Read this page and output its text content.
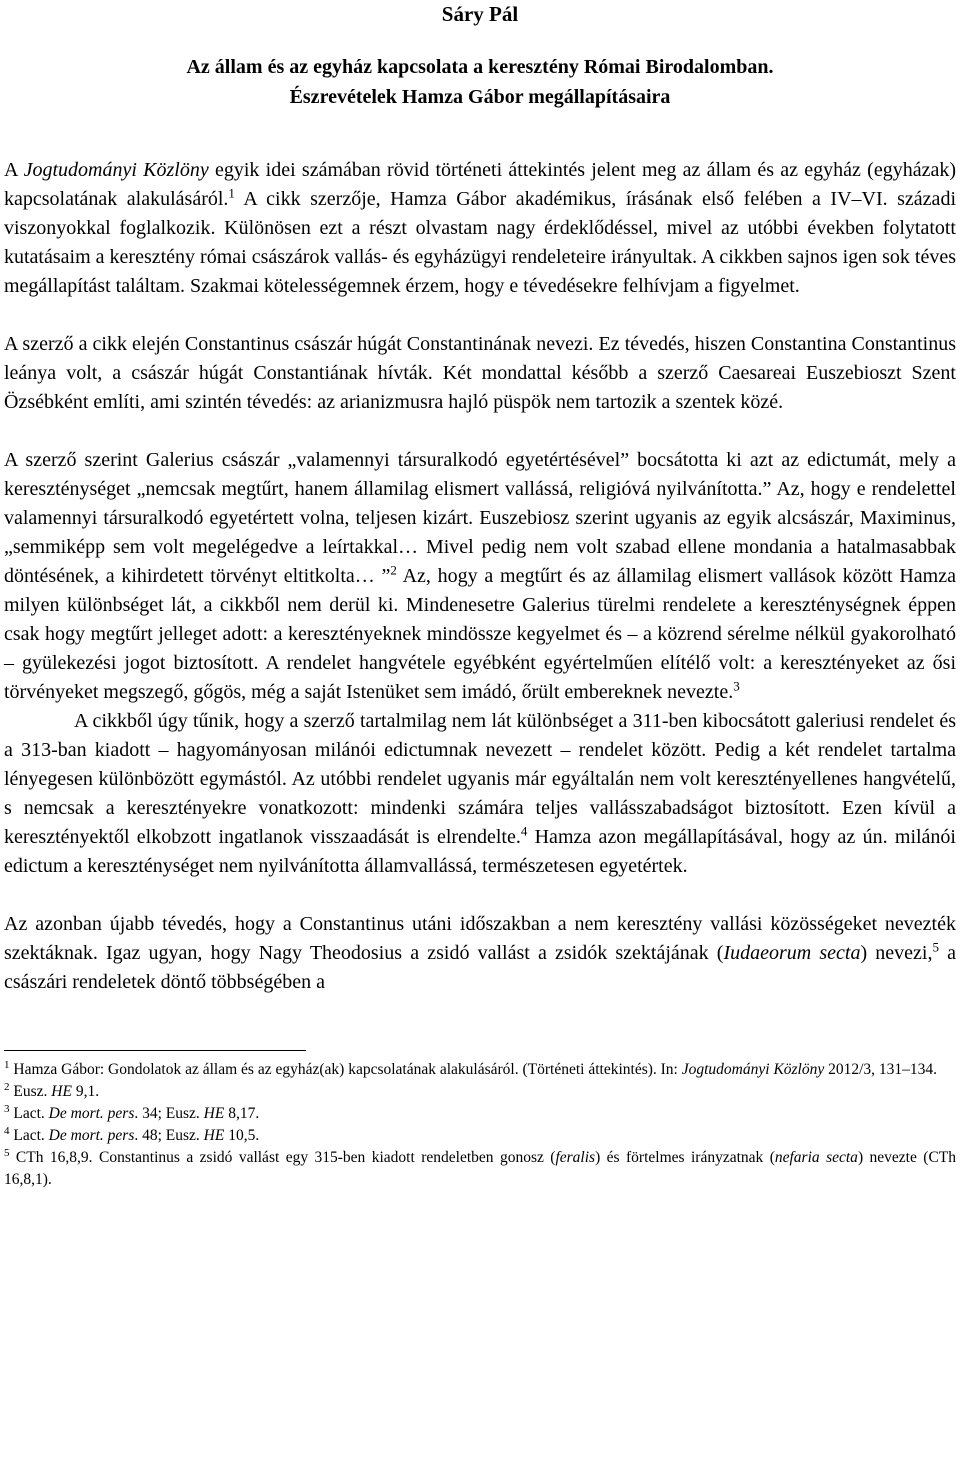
Sáry Pál
Az állam és az egyház kapcsolata a keresztény Római Birodalomban.
Észrevételek Hamza Gábor megállapításaira

A Jogtudományi Közlöny egyik idei számában rövid történeti áttekintés jelent meg az állam és az egyház (egyházak) kapcsolatának alakulásáról.$^1$ A cikk szerzője, Hamza Gábor akadémikus, írásának első felében a IV–VI. századi viszonyokkal foglalkozik. Különösen ezt a részt olvastam nagy érdeklődéssel, mivel az utóbbi években folytatott kutatásaim a keresztény római császárok vallás- és egyházügyi rendeleteire irányultak. A cikkben sajnos igen sok téves megállapítást találtam. Szakmai kötelességemnek érzem, hogy e tévedésekre felhívjam a figyelmet.

A szerző a cikk elején Constantinus császár húgát Constantinának nevezi. Ez tévedés, hiszen Constantina Constantinus leánya volt, a császár húgát Constantiának hívták. Két mondattal később a szerző Caesareai Euszebioszt Szent Özsébként említi, ami szintén tévedés: az arianizmusra hajló püspök nem tartozik a szentek közé.

A szerző szerint Galerius császár „valamennyi társuralkodó egyetértésével” bocsátotta ki azt az edictumát, mely a kereszténységet „nemcsak megtűrt, hanem államilag elismert vallássá, religióvá nyilvánította.” Az, hogy e rendelettel valamennyi társuralkodó egyetértett volna, teljesen kizárt. Euszebiosz szerint ugyanis az egyik alcsászár, Maximinus, „semmiképp sem volt megelégedve a leírtakkal… Mivel pedig nem volt szabad ellene mondania a hatalmasabbak döntésének, a kihirdetett törvényt eltitkolta… ”$^2$ Az, hogy a megtűrt és az államilag elismert vallások között Hamza milyen különbséget lát, a cikkből nem derül ki. Mindenesetre Galerius türelmi rendelete a kereszténységnek éppen csak hogy megtűrt jelleget adott: a keresztényeknek mindössze kegyelmet és – a közrend sérelme nélkül gyakorolható – gyülekezési jogot biztosított. A rendelet hangvétele egyébként egyértelműen elítélő volt: a keresztényeket az ősi törvényeket megszegő, gőgös, még a saját Istenüket sem imádó, őrült embereknek nevezte.$^3$

A cikkből úgy tűnik, hogy a szerző tartalmilag nem lát különbséget a 311-ben kibocsátott galeriusi rendelet és a 313-ban kiadott – hagyományosan milánói edictumnak nevezett – rendelet között. Pedig a két rendelet tartalma lényegesen különbözött egymástól. Az utóbbi rendelet ugyanis már egyáltalán nem volt keresztényellenes hangvételű, s nemcsak a keresztényekre vonatkozott: mindenki számára teljes vallásszabadságot biztosított. Ezen kívül a keresztényektől elkobzott ingatlanok visszaadását is elrendelte.$^4$ Hamza azon megállapításával, hogy az ún. milánói edictum a kereszténységet nem nyilvánította államvallássá, természetesen egyetértek.

Az azonban újabb tévedés, hogy a Constantinus utáni időszakban a nem keresztény vallási közösségeket nevezték szektáknak. Igaz ugyan, hogy Nagy Theodosius a zsidó vallást a zsidók szektájának (Iudaeorum secta) nevezi,$^5$ a császári rendeletek döntő többségében a

$^1$ Hamza Gábor: Gondolatok az állam és az egyház(ak) kapcsolatának alakulásáról. (Történeti áttekintés). In: Jogtudományi Közlöny 2012/3, 131–134.

$^2$ Eusz. HE 9,1.

$^3$ Lact. De mort. pers. 34; Eusz. HE 8,17.

$^4$ Lact. De mort. pers. 48; Eusz. HE 10,5.

$^5$ CTh 16,8,9. Constantinus a zsidó vallást egy 315-ben kiadott rendeletben gonosz (feralis) és förtelmes irányzatnak (nefaria secta) nevezte (CTh 16,8,1).
